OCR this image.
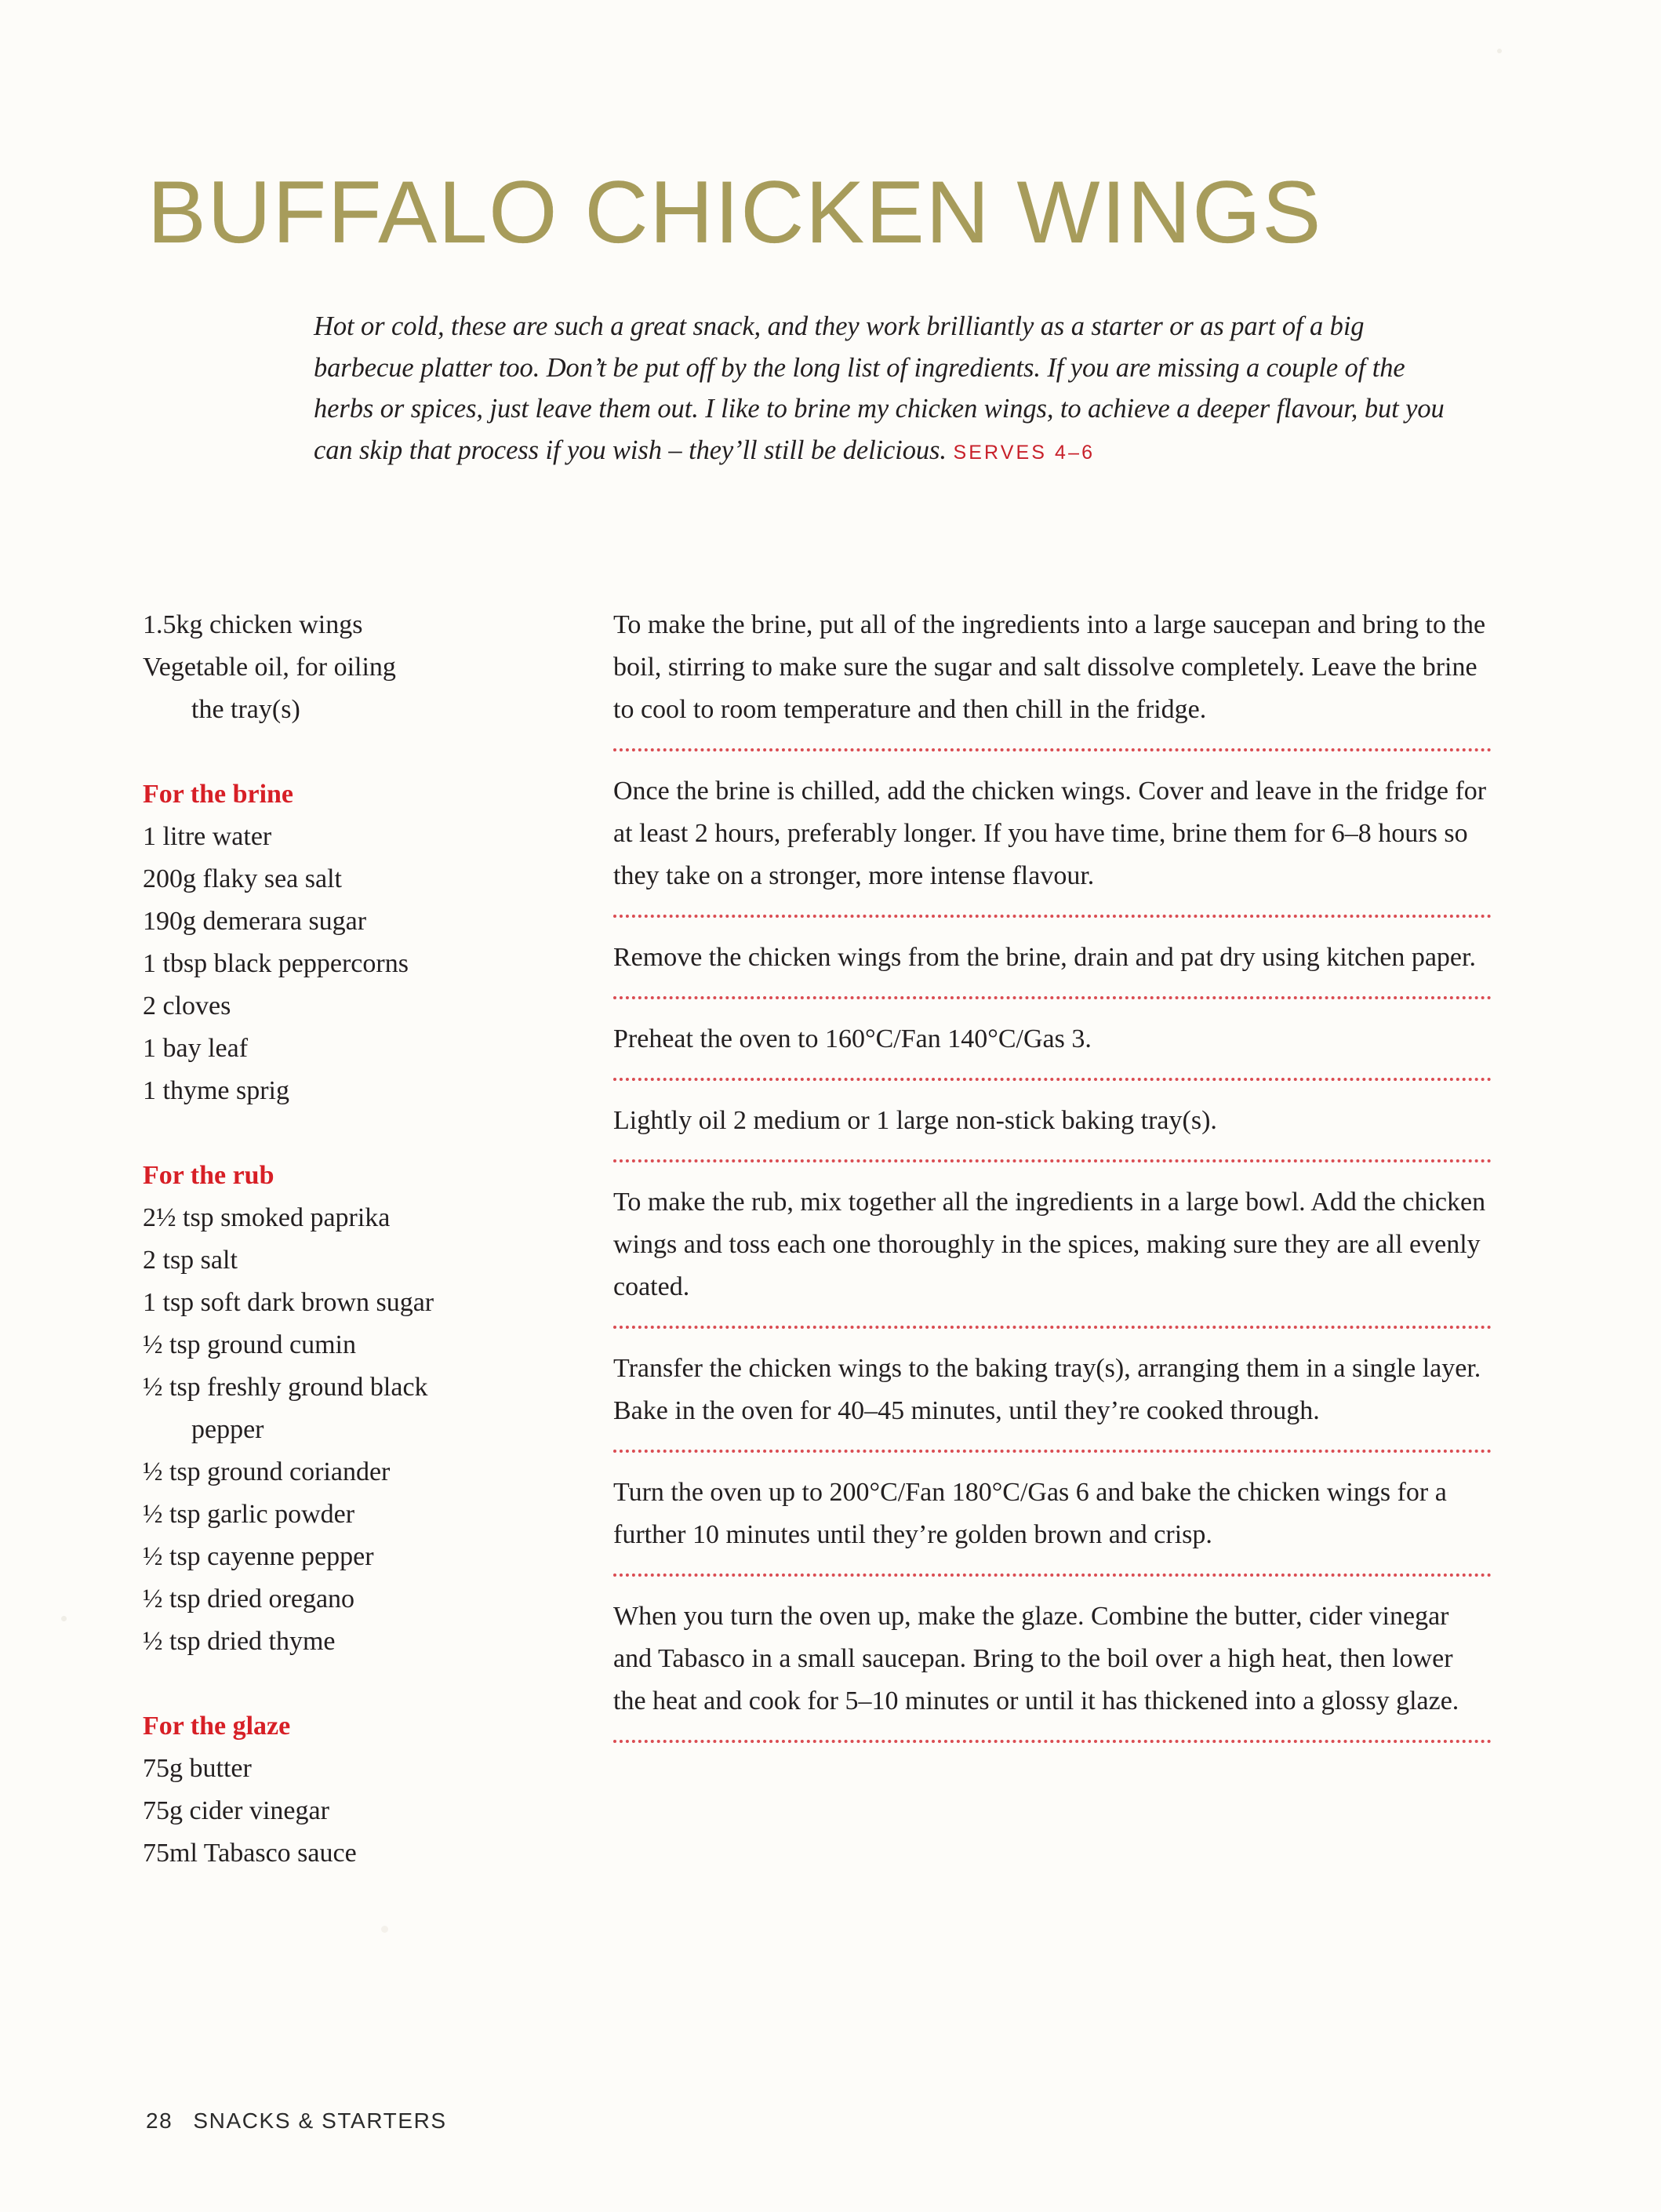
BUFFALO CHICKEN WINGS
Hot or cold, these are such a great snack, and they work brilliantly as a starter or as part of a big barbecue platter too. Don’t be put off by the long list of ingredients. If you are missing a couple of the herbs or spices, just leave them out. I like to brine my chicken wings, to achieve a deeper flavour, but you can skip that process if you wish – they’ll still be delicious. SERVES 4–6
1.5kg chicken wings
Vegetable oil, for oiling
the tray(s)
For the brine
1 litre water
200g flaky sea salt
190g demerara sugar
1 tbsp black peppercorns
2 cloves
1 bay leaf
1 thyme sprig
For the rub
2½ tsp smoked paprika
2 tsp salt
1 tsp soft dark brown sugar
½ tsp ground cumin
½ tsp freshly ground black
pepper
½ tsp ground coriander
½ tsp garlic powder
½ tsp cayenne pepper
½ tsp dried oregano
½ tsp dried thyme
For the glaze
75g butter
75g cider vinegar
75ml Tabasco sauce

To make the brine, put all of the ingredients into a large saucepan and bring to the boil, stirring to make sure the sugar and salt dissolve completely. Leave the brine to cool to room temperature and then chill in the fridge.

Once the brine is chilled, add the chicken wings. Cover and leave in the fridge for at least 2 hours, preferably longer. If you have time, brine them for 6–8 hours so they take on a stronger, more intense flavour.

Remove the chicken wings from the brine, drain and pat dry using kitchen paper.

Preheat the oven to 160°C/Fan 140°C/Gas 3.

Lightly oil 2 medium or 1 large non-stick baking tray(s).

To make the rub, mix together all the ingredients in a large bowl. Add the chicken wings and toss each one thoroughly in the spices, making sure they are all evenly coated.

Transfer the chicken wings to the baking tray(s), arranging them in a single layer. Bake in the oven for 40–45 minutes, until they’re cooked through.

Turn the oven up to 200°C/Fan 180°C/Gas 6 and bake the chicken wings for a further 10 minutes until they’re golden brown and crisp.

When you turn the oven up, make the glaze. Combine the butter, cider vinegar and Tabasco in a small saucepan. Bring to the boil over a high heat, then lower the heat and cook for 5–10 minutes or until it has thickened into a glossy glaze.

28 SNACKS & STARTERS
